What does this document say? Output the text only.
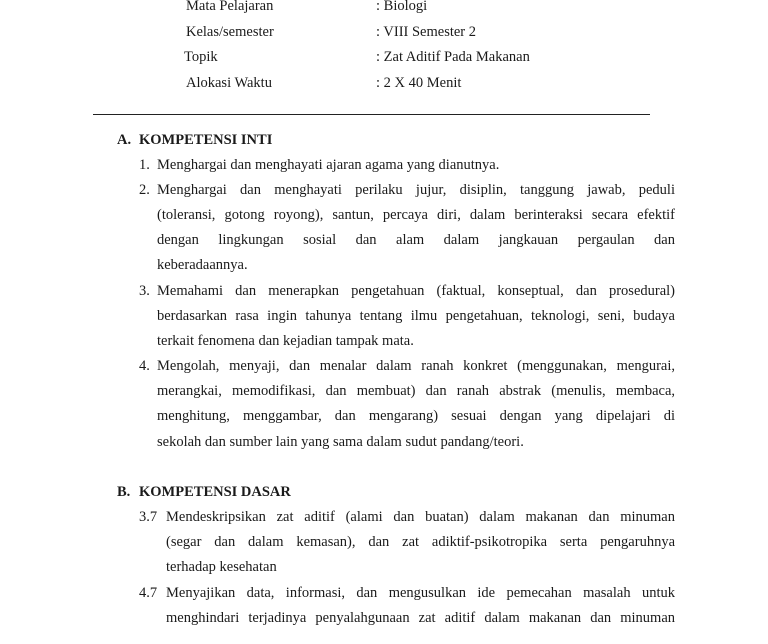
Mata Pelajaran	: Biologi
Kelas/semester	: VIII Semester 2
Topik	: Zat Aditif Pada Makanan
Alokasi Waktu	: 2 X 40 Menit
A. KOMPETENSI INTI
1. Menghargai dan menghayati ajaran agama yang dianutnya.
2. Menghargai dan menghayati perilaku jujur, disiplin, tanggung jawab, peduli
(toleransi, gotong royong), santun, percaya diri, dalam berinteraksi secara efektif
dengan lingkungan sosial dan alam dalam jangkauan pergaulan dan
keberadaannya.
3. Memahami dan menerapkan pengetahuan (faktual, konseptual, dan prosedural)
berdasarkan rasa ingin tahunya tentang ilmu pengetahuan, teknologi, seni, budaya
terkait fenomena dan kejadian tampak mata.
4. Mengolah, menyaji, dan menalar dalam ranah konkret (menggunakan, mengurai,
merangkai, memodifikasi, dan membuat) dan ranah abstrak (menulis, membaca,
menghitung, menggambar, dan mengarang) sesuai dengan yang dipelajari di
sekolah dan sumber lain yang sama dalam sudut pandang/teori.
B. KOMPETENSI DASAR
3.7 Mendeskripsikan zat aditif (alami dan buatan) dalam makanan dan minuman
(segar dan dalam kemasan), dan zat adiktif-psikotropika serta pengaruhnya
terhadap kesehatan
4.7 Menyajikan data, informasi, dan mengusulkan ide pemecahan masalah untuk
menghindari terjadinya penyalahgunaan zat aditif dalam makanan dan minuman
